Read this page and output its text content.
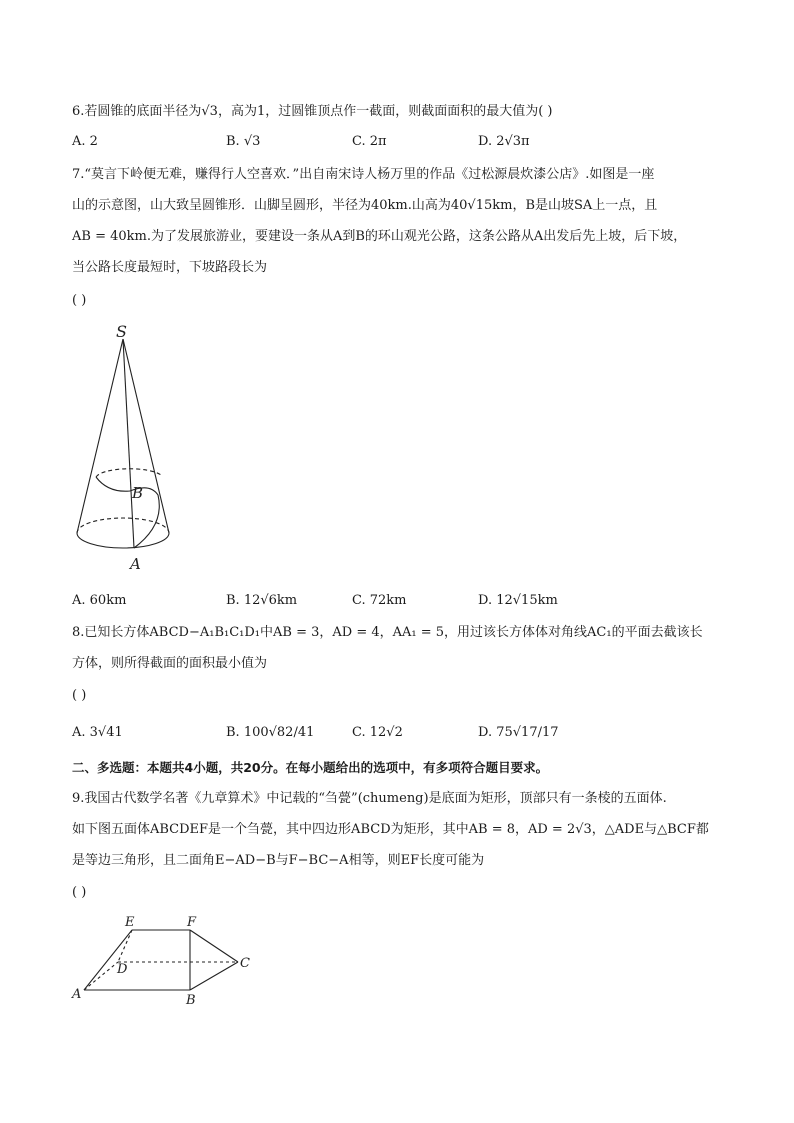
6.若圆锥的底面半径为√3，高为1，过圆锥顶点作一截面，则截面面积的最大值为( )
A. 2	B. √3	C. 2π	D. 2√3π
7.“莫言下岭便无难，赚得行人空喜欢．”出自南宋诗人杨万里的作品《过松源晨炊漆公店》.如图是一座
山的示意图，山大致呈圆锥形．山脚呈圆形，半径为40km.山高为40√15km，B是山坡SA上一点，且
AB = 40km.为了发展旅游业，要建设一条从A到B的环山观光公路，这条公路从A出发后先上坡，后下坡，
当公路长度最短时，下坡路段长为
( )
S
B
A
A. 60km	B. 12√6km	C. 72km	D. 12√15km
8.已知长方体ABCD−A₁B₁C₁D₁中AB = 3，AD = 4，AA₁ = 5，用过该长方体体对角线AC₁的平面去截该长
方体，则所得截面的面积最小值为
( )
A. 3√41	B. 100√82/41	C. 12√2	D. 75√17/17
二、多选题：本题共4小题，共20分。在每小题给出的选项中，有多项符合题目要求。
9.我国古代数学名著《九章算术》中记载的“刍甍”(chumeng)是底面为矩形，顶部只有一条棱的五面体.
如下图五面体ABCDEF是一个刍甍，其中四边形ABCD为矩形，其中AB = 8，AD = 2√3，△ADE与△BCF都
是等边三角形，且二面角E−AD−B与F−BC−A相等，则EF长度可能为
( )
E	F
D	C
A	B
